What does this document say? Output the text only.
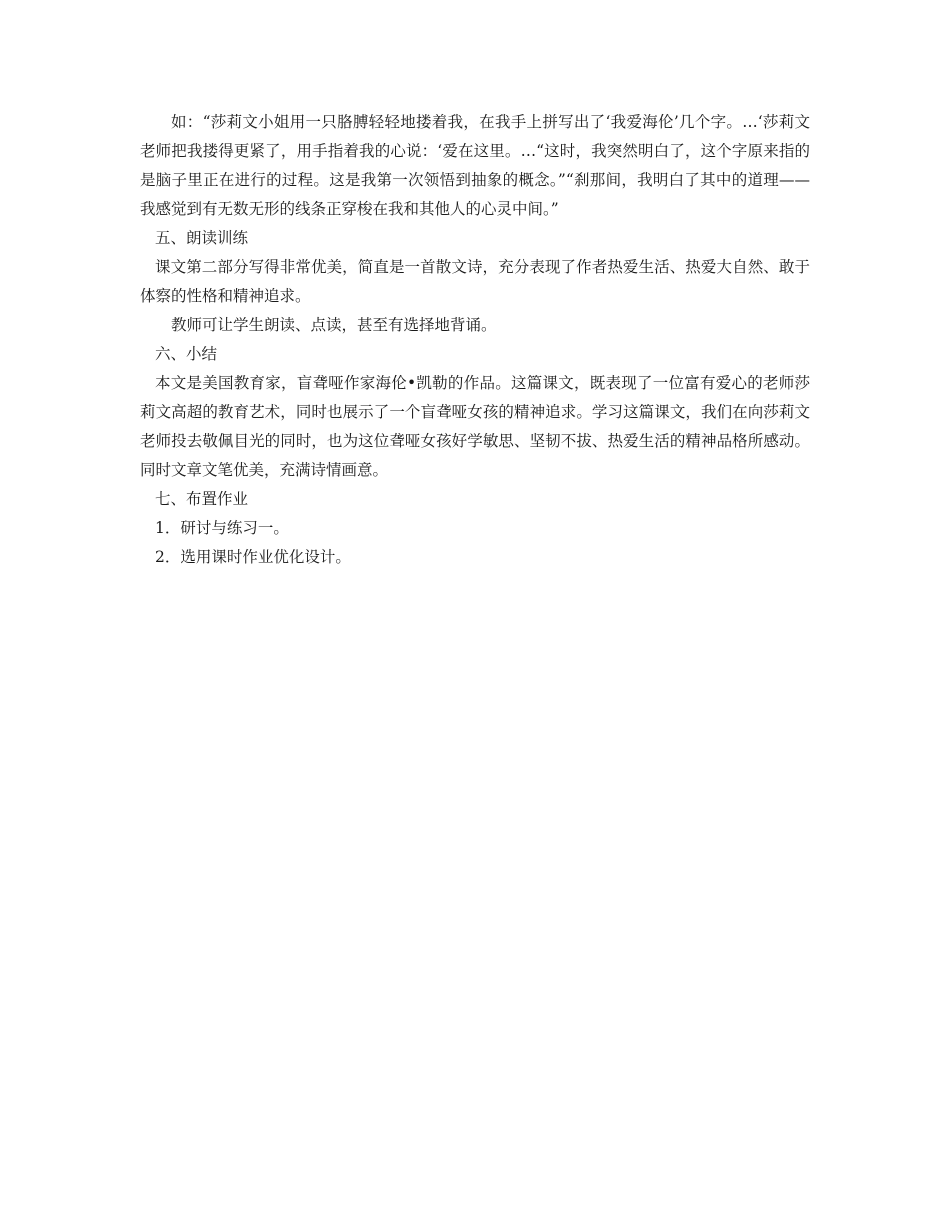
如：“莎莉文小姐用一只胳膊轻轻地搂着我，在我手上拼写出了‘我爱海伦’几个字。…‘莎莉文老师把我搂得更紧了，用手指着我的心说：‘爱在这里。…“这时，我突然明白了，这个字原来指的是脑子里正在进行的过程。这是我第一次领悟到抽象的概念。”“刹那间，我明白了其中的道理——我感觉到有无数无形的线条正穿梭在我和其他人的心灵中间。”

五、朗读训练

课文第二部分写得非常优美，简直是一首散文诗，充分表现了作者热爱生活、热爱大自然、敢于体察的性格和精神追求。

教师可让学生朗读、点读，甚至有选择地背诵。

六、小结

本文是美国教育家，盲聋哑作家海伦•凯勒的作品。这篇课文，既表现了一位富有爱心的老师莎莉文高超的教育艺术，同时也展示了一个盲聋哑女孩的精神追求。学习这篇课文，我们在向莎莉文老师投去敬佩目光的同时，也为这位聋哑女孩好学敏思、坚韧不拔、热爱生活的精神品格所感动。同时文章文笔优美，充满诗情画意。

七、布置作业

1．研讨与练习一。

2．选用课时作业优化设计。
